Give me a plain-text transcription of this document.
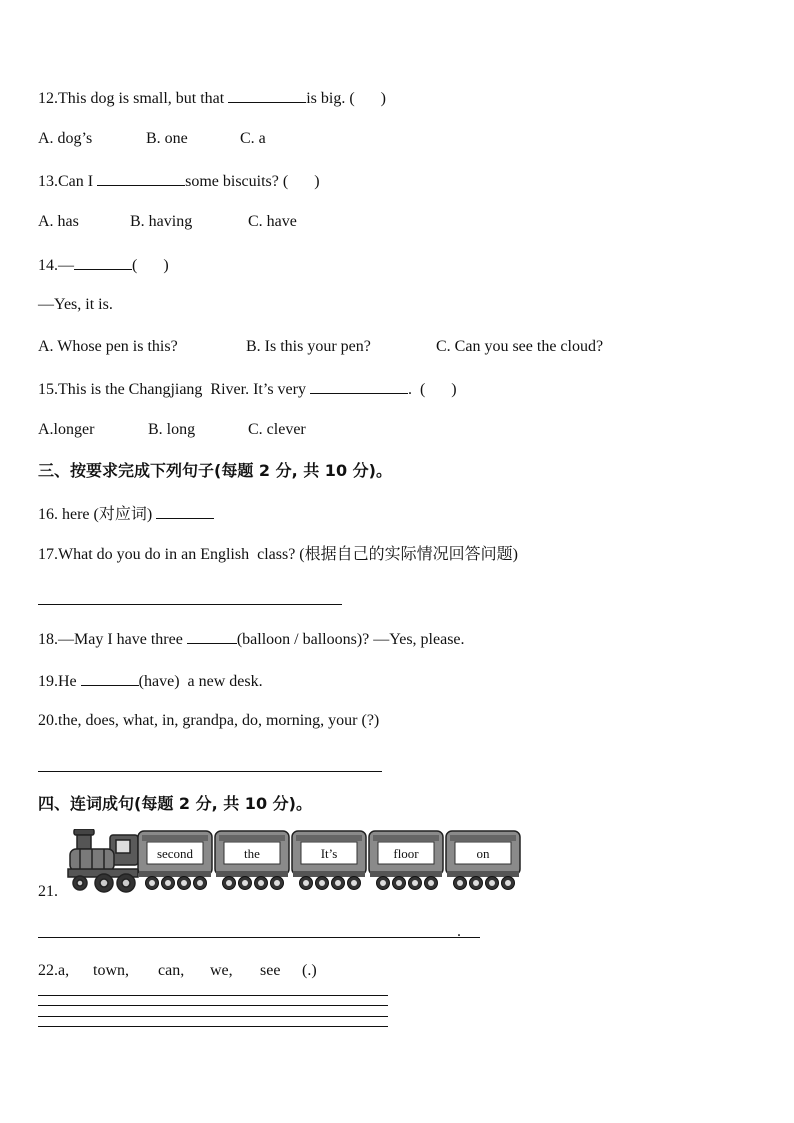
12.This dog is small, but that	is big. ( )
A. dog’s	B. one	C. a
13.Can I	some biscuits? ( )
A. has	B. having	C. have
14.—	( )
—Yes, it is.
A. Whose pen is this?	B. Is this your pen?	C. Can you see the cloud?
15.This is the Changjiang  River. It’s very	.  ( )
A.longer	B. long	C. clever
三、按要求完成下列句子(每题 2 分, 共 10 分)。
16. here (对应词)
17.What do you do in an English  class? (根据自己的实际情况回答问题)
18.—May I have three	(balloon / balloons)? —Yes, please.
19.He	(have)  a new desk.
20.the, does, what, in, grandpa, do, morning, your (?)
四、连词成句(每题 2 分, 共 10 分)。
second	the	It’s	floor	on
21.
.
22.a, town, can, we, see (.)
